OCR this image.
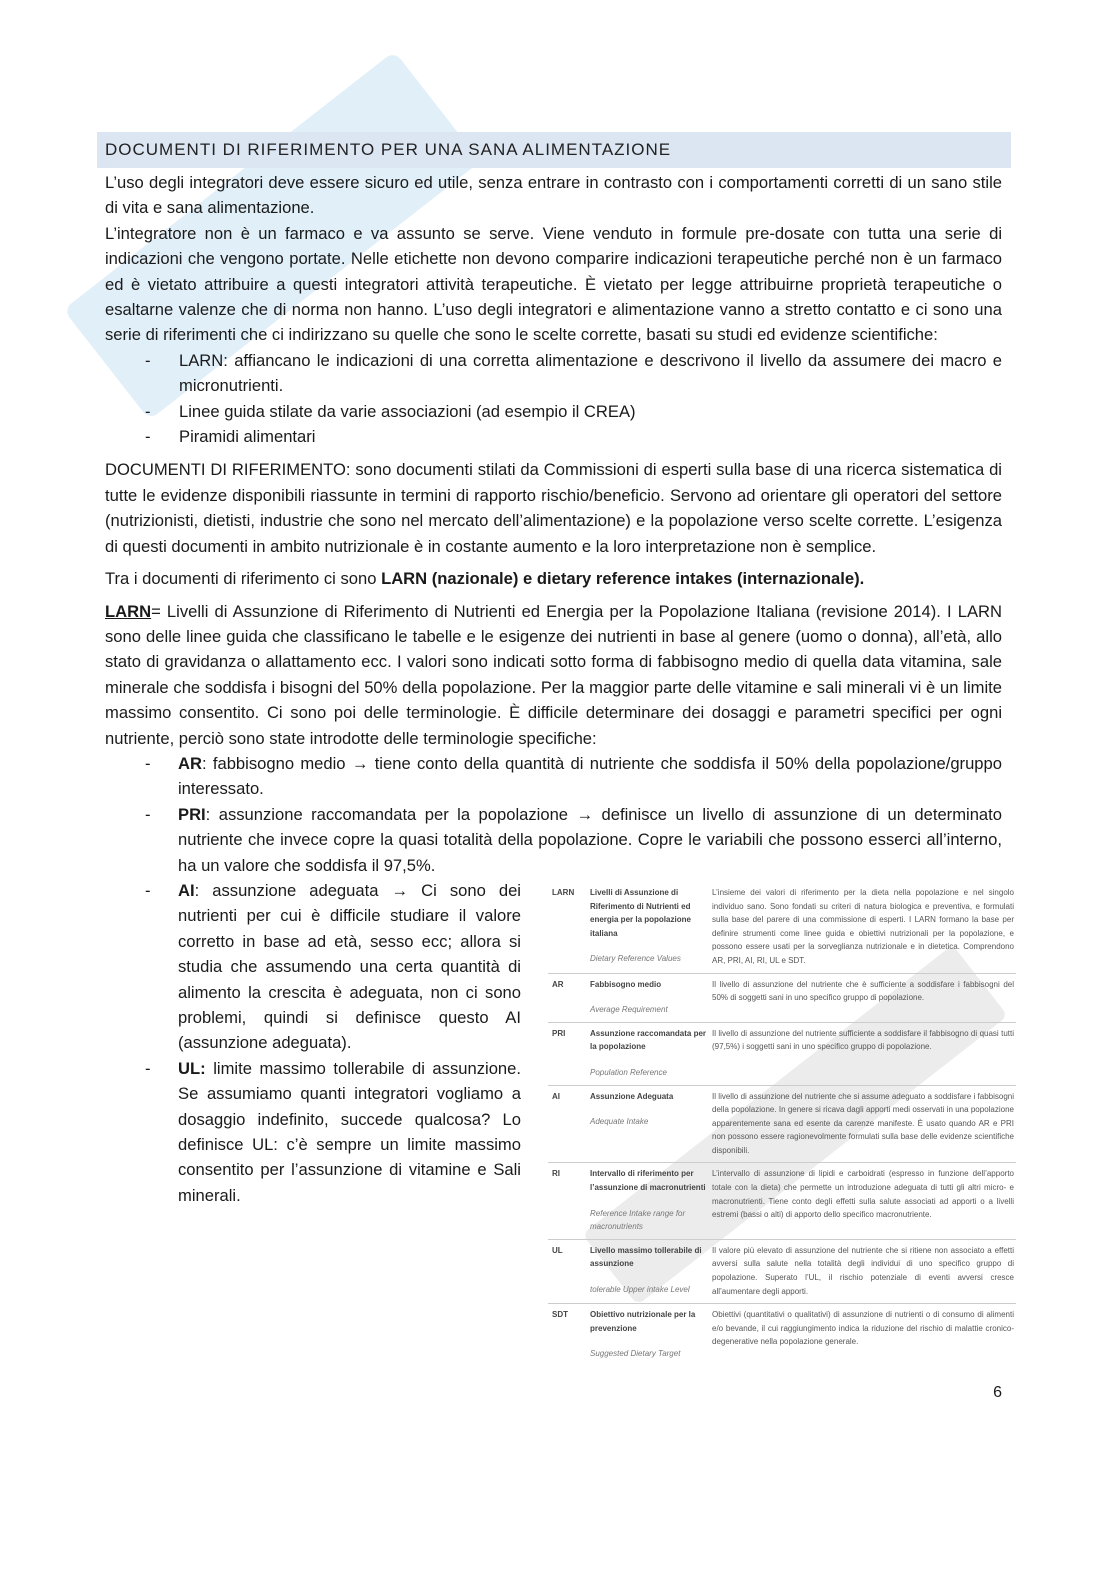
DOCUMENTI DI RIFERIMENTO PER UNA SANA ALIMENTAZIONE

L’uso degli integratori deve essere sicuro ed utile, senza entrare in contrasto con i comportamenti corretti di un sano stile di vita e sana alimentazione.

L’integratore non è un farmaco e va assunto se serve. Viene venduto in formule pre-dosate con tutta una serie di indicazioni che vengono portate. Nelle etichette non devono comparire indicazioni terapeutiche perché non è un farmaco ed è vietato attribuire a questi integratori attività terapeutiche. È vietato per legge attribuirne proprietà terapeutiche o esaltarne valenze che di norma non hanno. L’uso degli integratori e alimentazione vanno a stretto contatto e ci sono una serie di riferimenti che ci indirizzano su quelle che sono le scelte corrette, basati su studi ed evidenze scientifiche:

- LARN: affiancano le indicazioni di una corretta alimentazione e descrivono il livello da assumere dei macro e micronutrienti.
- Linee guida stilate da varie associazioni (ad esempio il CREA)
- Piramidi alimentari

DOCUMENTI DI RIFERIMENTO: sono documenti stilati da Commissioni di esperti sulla base di una ricerca sistematica di tutte le evidenze disponibili riassunte in termini di rapporto rischio/beneficio. Servono ad orientare gli operatori del settore (nutrizionisti, dietisti, industrie che sono nel mercato dell’alimentazione) e la popolazione verso scelte corrette. L’esigenza di questi documenti in ambito nutrizionale è in costante aumento e la loro interpretazione non è semplice.

Tra i documenti di riferimento ci sono LARN (nazionale) e dietary reference intakes (internazionale).

LARN= Livelli di Assunzione di Riferimento di Nutrienti ed Energia per la Popolazione Italiana (revisione 2014). I LARN sono delle linee guida che classificano le tabelle e le esigenze dei nutrienti in base al genere (uomo o donna), all’età, allo stato di gravidanza o allattamento ecc. I valori sono indicati sotto forma di fabbisogno medio di quella data vitamina, sale minerale che soddisfa i bisogni del 50% della popolazione. Per la maggior parte delle vitamine e sali minerali vi è un limite massimo consentito. Ci sono poi delle terminologie. È difficile determinare dei dosaggi e parametri specifici per ogni nutriente, perciò sono state introdotte delle terminologie specifiche:

- AR: fabbisogno medio → tiene conto della quantità di nutriente che soddisfa il 50% della popolazione/gruppo interessato.
- PRI: assunzione raccomandata per la popolazione → definisce un livello di assunzione di un determinato nutriente che invece copre la quasi totalità della popolazione. Copre le variabili che possono esserci all’interno, ha un valore che soddisfa il 97,5%.
- AI: assunzione adeguata → Ci sono dei nutrienti per cui è difficile studiare il valore corretto in base ad età, sesso ecc; allora si studia che assumendo una certa quantità di alimento la crescita è adeguata, non ci sono problemi, quindi si definisce questo AI (assunzione adeguata).
- UL: limite massimo tollerabile di assunzione. Se assumiamo quanti integratori vogliamo a dosaggio indefinito, succede qualcosa? Lo definisce UL: c’è sempre un limite massimo consentito per l’assunzione di vitamine e Sali minerali.
LARN	Livelli di Assunzione di Riferimento di Nutrienti ed energia per la popolazione italiana
Dietary Reference Values
L’insieme dei valori di riferimento per la dieta nella popolazione e nel singolo individuo sano. Sono fondati su criteri di natura biologica e preventiva, e formulati sulla base del parere di una commissione di esperti. I LARN formano la base per definire strumenti come linee guida e obiettivi nutrizionali per la popolazione, e possono essere usati per la sorveglianza nutrizionale e in dietetica. Comprendono AR, PRI, AI, RI, UL e SDT.
AR	Fabbisogno medio
Average Requirement
Il livello di assunzione del nutriente che è sufficiente a soddisfare i fabbisogni del 50% di soggetti sani in uno specifico gruppo di popolazione.
PRI	Assunzione raccomandata per la popolazione
Population Reference
Il livello di assunzione del nutriente sufficiente a soddisfare il fabbisogno di quasi tutti (97,5%) i soggetti sani in uno specifico gruppo di popolazione.
AI	Assunzione Adeguata
Adequate Intake
Il livello di assunzione del nutriente che si assume adeguato a soddisfare i fabbisogni della popolazione. In genere si ricava dagli apporti medi osservati in una popolazione apparentemente sana ed esente da carenze manifeste. È usato quando AR e PRI non possono essere ragionevolmente formulati sulla base delle evidenze scientifiche disponibili.
RI	Intervallo di riferimento per l’assunzione di macronutrienti
Reference Intake range for macronutrients
L’intervallo di assunzione di lipidi e carboidrati (espresso in funzione dell’apporto totale con la dieta) che permette un introduzione adeguata di tutti gli altri micro- e macronutrienti. Tiene conto degli effetti sulla salute associati ad apporti o a livelli estremi (bassi o alti) di apporto dello specifico macronutriente.
UL	Livello massimo tollerabile di assunzione
tolerable Upper intake Level
Il valore più elevato di assunzione del nutriente che si ritiene non associato a effetti avversi sulla salute nella totalità degli individui di uno specifico gruppo di popolazione. Superato l’UL, il rischio potenziale di eventi avversi cresce all’aumentare degli apporti.
SDT	Obiettivo nutrizionale per la prevenzione
Suggested Dietary Target
Obiettivi (quantitativi o qualitativi) di assunzione di nutrienti o di consumo di alimenti e/o bevande, il cui raggiungimento indica la riduzione del rischio di malattie cronico-degenerative nella popolazione generale.
6
